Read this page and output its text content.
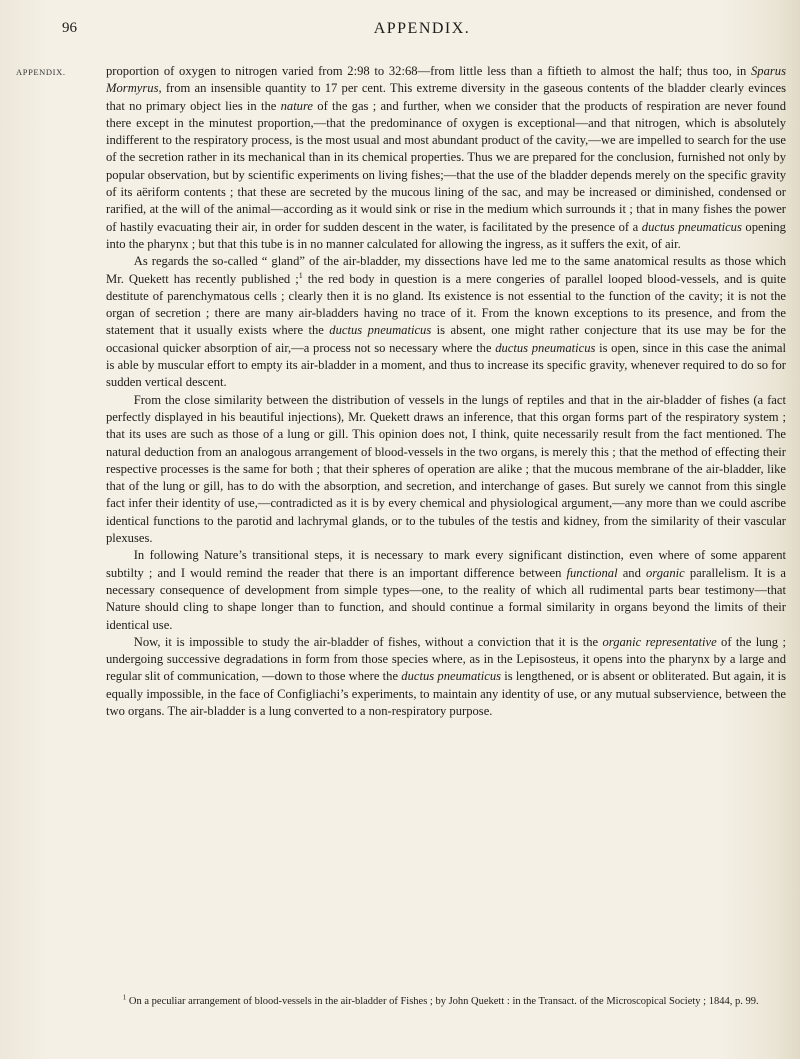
96	APPENDIX.
APPENDIX.	proportion of oxygen to nitrogen varied from 2:98 to 32:68—from little less than a fiftieth to almost the half; thus too, in Sparus Mormyrus, from an insensible quantity to 17 per cent. This extreme diversity in the gaseous contents of the bladder clearly evinces that no primary object lies in the nature of the gas ; and further, when we consider that the products of respiration are never found there except in the minutest proportion,—that the predominance of oxygen is exceptional—and that nitrogen, which is absolutely indifferent to the respiratory process, is the most usual and most abundant product of the cavity,—we are impelled to search for the use of the secretion rather in its mechanical than in its chemical properties. Thus we are prepared for the conclusion, furnished not only by popular observation, but by scientific experiments on living fishes;—that the use of the bladder depends merely on the specific gravity of its aëriform contents ; that these are secreted by the mucous lining of the sac, and may be increased or diminished, condensed or rarified, at the will of the animal—according as it would sink or rise in the medium which surrounds it ; that in many fishes the power of hastily evacuating their air, in order for sudden descent in the water, is facilitated by the presence of a ductus pneumaticus opening into the pharynx ; but that this tube is in no manner calculated for allowing the ingress, as it suffers the exit, of air.

As regards the so-called “ gland” of the air-bladder, my dissections have led me to the same anatomical results as those which Mr. Quekett has recently published ;$^1$ the red body in question is a mere congeries of parallel looped blood-vessels, and is quite destitute of parenchymatous cells ; clearly then it is no gland. Its existence is not essential to the function of the cavity; it is not the organ of secretion ; there are many air-bladders having no trace of it. From the known exceptions to its presence, and from the statement that it usually exists where the ductus pneumaticus is absent, one might rather conjecture that its use may be for the occasional quicker absorption of air,—a process not so necessary where the ductus pneumaticus is open, since in this case the animal is able by muscular effort to empty its air-bladder in a moment, and thus to increase its specific gravity, whenever required to do so for sudden vertical descent.

From the close similarity between the distribution of vessels in the lungs of reptiles and that in the air-bladder of fishes (a fact perfectly displayed in his beautiful injections), Mr. Quekett draws an inference, that this organ forms part of the respiratory system ; that its uses are such as those of a lung or gill. This opinion does not, I think, quite necessarily result from the fact mentioned. The natural deduction from an analogous arrangement of blood-vessels in the two organs, is merely this ; that the method of effecting their respective processes is the same for both ; that their spheres of operation are alike ; that the mucous membrane of the air-bladder, like that of the lung or gill, has to do with the absorption, and secretion, and interchange of gases. But surely we cannot from this single fact infer their identity of use,—contradicted as it is by every chemical and physiological argument,—any more than we could ascribe identical functions to the parotid and lachrymal glands, or to the tubules of the testis and kidney, from the similarity of their vascular plexuses.

In following Nature’s transitional steps, it is necessary to mark every significant distinction, even where of some apparent subtilty ; and I would remind the reader that there is an important difference between functional and organic parallelism. It is a necessary consequence of development from simple types—one, to the reality of which all rudimental parts bear testimony—that Nature should cling to shape longer than to function, and should continue a formal similarity in organs beyond the limits of their identical use.

Now, it is impossible to study the air-bladder of fishes, without a conviction that it is the organic representative of the lung ; undergoing successive degradations in form from those species where, as in the Lepisosteus, it opens into the pharynx by a large and regular slit of communication, —down to those where the ductus pneumaticus is lengthened, or is absent or obliterated. But again, it is equally impossible, in the face of Configliachi’s experiments, to maintain any identity of use, or any mutual subservience, between the two organs. The air-bladder is a lung converted to a non-respiratory purpose.

$^1$ On a peculiar arrangement of blood-vessels in the air-bladder of Fishes ; by John Quekett : in the Transact. of the Microscopical Society ; 1844, p. 99.
